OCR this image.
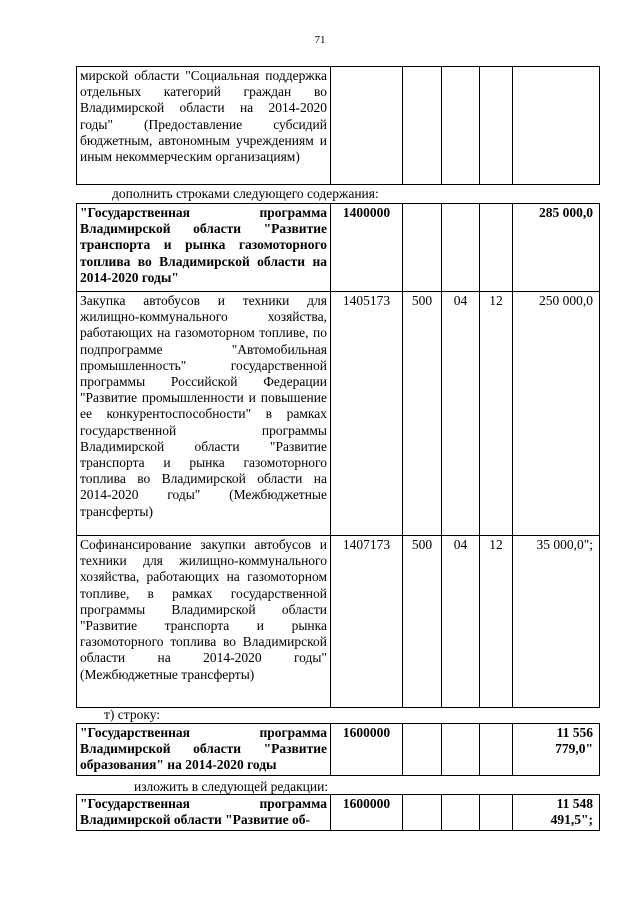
71
мирской области "Социальная поддержка отдельных категорий граждан во Владимирской области на 2014-2020 годы" (Предоставление субсидий бюджетным, автономным учреждениям и иным некоммерческим организациям)					
дополнить строками следующего содержания:
"Государственная программа Владимирской области "Развитие транспорта и рынка газомоторного топлива во Владимирской области на 2014-2020 годы"	1400000				285 000,0
Закупка автобусов и техники для жилищно-коммунального хозяйства, работающих на газомоторном топливе, по подпрограмме "Автомобильная промышленность" государственной программы Российской Федерации "Развитие промышленности и повышение ее конкурентоспособности" в рамках государственной программы Владимирской области "Развитие транспорта и рынка газомоторного топлива во Владимирской области на 2014-2020 годы" (Межбюджетные трансферты)	1405173	500	04	12	250 000,0
Софинансирование закупки автобусов и техники для жилищно-коммунального хозяйства, работающих на газомоторном топливе, в рамках государственной программы Владимирской области "Развитие транспорта и рынка газомоторного топлива во Владимирской области на 2014-2020 годы" (Межбюджетные трансферты)	1407173	500	04	12	35 000,0";
т) строку:
"Государственная программа Владимирской области "Развитие образования" на 2014-2020 годы	1600000				11 556 779,0"
изложить в следующей редакции:
"Государственная программа Владимирской области "Развитие об-	1600000				11 548 491,5";
